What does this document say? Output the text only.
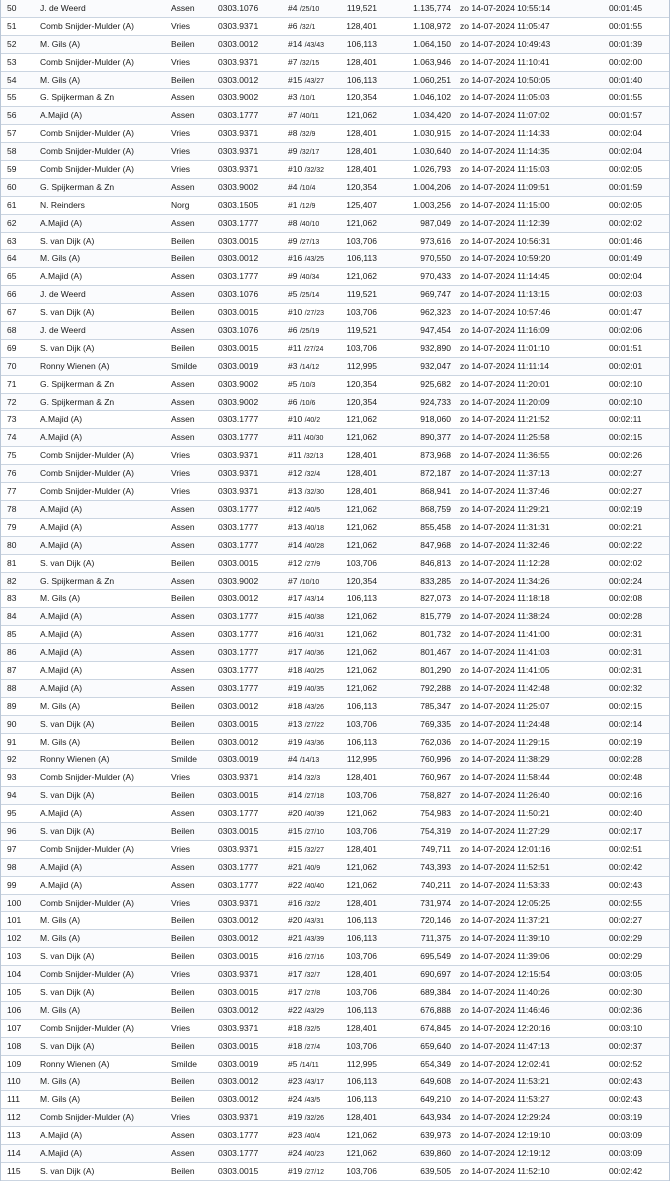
50	J. de Weerd	Assen	0303.1076	#4 /25/10	119,521	1.135,774 zo 14-07-2024 10:55:14	00:01:45
51	Comb Snijder-Mulder (A)	Vries	0303.9371	#6 /32/1	128,401	1.108,972 zo 14-07-2024 11:05:47	00:01:55
52	M. Gils (A)	Beilen	0303.0012	#14 /43/43	106,113	1.064,150 zo 14-07-2024 10:49:43	00:01:39
53	Comb Snijder-Mulder (A)	Vries	0303.9371	#7 /32/15	128,401	1.063,946 zo 14-07-2024 11:10:41	00:02:00
54	M. Gils (A)	Beilen	0303.0012	#15 /43/27	106,113	1.060,251 zo 14-07-2024 10:50:05	00:01:40
55	G. Spijkerman & Zn	Assen	0303.9002	#3 /10/1	120,354	1.046,102 zo 14-07-2024 11:05:03	00:01:55
56	A.Majid (A)	Assen	0303.1777	#7 /40/11	121,062	1.034,420 zo 14-07-2024 11:07:02	00:01:57
57	Comb Snijder-Mulder (A)	Vries	0303.9371	#8 /32/9	128,401	1.030,915 zo 14-07-2024 11:14:33	00:02:04
58	Comb Snijder-Mulder (A)	Vries	0303.9371	#9 /32/17	128,401	1.030,640 zo 14-07-2024 11:14:35	00:02:04
59	Comb Snijder-Mulder (A)	Vries	0303.9371	#10 /32/32	128,401	1.026,793 zo 14-07-2024 11:15:03	00:02:05
60	G. Spijkerman & Zn	Assen	0303.9002	#4 /10/4	120,354	1.004,206 zo 14-07-2024 11:09:51	00:01:59
61	N. Reinders	Norg	0303.1505	#1 /12/9	125,407	1.003,256 zo 14-07-2024 11:15:00	00:02:05
62	A.Majid (A)	Assen	0303.1777	#8 /40/10	121,062	987,049 zo 14-07-2024 11:12:39	00:02:02
63	S. van Dijk (A)	Beilen	0303.0015	#9 /27/13	103,706	973,616 zo 14-07-2024 10:56:31	00:01:46
64	M. Gils (A)	Beilen	0303.0012	#16 /43/25	106,113	970,550 zo 14-07-2024 10:59:20	00:01:49
65	A.Majid (A)	Assen	0303.1777	#9 /40/34	121,062	970,433 zo 14-07-2024 11:14:45	00:02:04
66	J. de Weerd	Assen	0303.1076	#5 /25/14	119,521	969,747 zo 14-07-2024 11:13:15	00:02:03
67	S. van Dijk (A)	Beilen	0303.0015	#10 /27/23	103,706	962,323 zo 14-07-2024 10:57:46	00:01:47
68	J. de Weerd	Assen	0303.1076	#6 /25/19	119,521	947,454 zo 14-07-2024 11:16:09	00:02:06
69	S. van Dijk (A)	Beilen	0303.0015	#11 /27/24	103,706	932,890 zo 14-07-2024 11:01:10	00:01:51
70	Ronny Wienen (A)	Smilde 0303.0019	#3 /14/12	112,995	932,047 zo 14-07-2024 11:11:14	00:02:01
71	G. Spijkerman & Zn	Assen	0303.9002	#5 /10/3	120,354	925,682 zo 14-07-2024 11:20:01	00:02:10
72	G. Spijkerman & Zn	Assen	0303.9002	#6 /10/6	120,354	924,733 zo 14-07-2024 11:20:09	00:02:10
73	A.Majid (A)	Assen	0303.1777	#10 /40/2	121,062	918,060 zo 14-07-2024 11:21:52	00:02:11
74	A.Majid (A)	Assen	0303.1777	#11 /40/30	121,062	890,377 zo 14-07-2024 11:25:58	00:02:15
75	Comb Snijder-Mulder (A)	Vries	0303.9371	#11 /32/13	128,401	873,968 zo 14-07-2024 11:36:55	00:02:26
76	Comb Snijder-Mulder (A)	Vries	0303.9371	#12 /32/4	128,401	872,187 zo 14-07-2024 11:37:13	00:02:27
77	Comb Snijder-Mulder (A)	Vries	0303.9371	#13 /32/30	128,401	868,941 zo 14-07-2024 11:37:46	00:02:27
78	A.Majid (A)	Assen	0303.1777	#12 /40/5	121,062	868,759 zo 14-07-2024 11:29:21	00:02:19
79	A.Majid (A)	Assen	0303.1777	#13 /40/18	121,062	855,458 zo 14-07-2024 11:31:31	00:02:21
80	A.Majid (A)	Assen	0303.1777	#14 /40/28	121,062	847,968 zo 14-07-2024 11:32:46	00:02:22
81	S. van Dijk (A)	Beilen	0303.0015	#12 /27/9	103,706	846,813 zo 14-07-2024 11:12:28	00:02:02
82	G. Spijkerman & Zn	Assen	0303.9002	#7 /10/10	120,354	833,285 zo 14-07-2024 11:34:26	00:02:24
83	M. Gils (A)	Beilen	0303.0012	#17 /43/14	106,113	827,073 zo 14-07-2024 11:18:18	00:02:08
84	A.Majid (A)	Assen	0303.1777	#15 /40/38	121,062	815,779 zo 14-07-2024 11:38:24	00:02:28
85	A.Majid (A)	Assen	0303.1777	#16 /40/31	121,062	801,732 zo 14-07-2024 11:41:00	00:02:31
86	A.Majid (A)	Assen	0303.1777	#17 /40/36	121,062	801,467 zo 14-07-2024 11:41:03	00:02:31
87	A.Majid (A)	Assen	0303.1777	#18 /40/25	121,062	801,290 zo 14-07-2024 11:41:05	00:02:31
88	A.Majid (A)	Assen	0303.1777	#19 /40/35	121,062	792,288 zo 14-07-2024 11:42:48	00:02:32
89	M. Gils (A)	Beilen	0303.0012	#18 /43/26	106,113	785,347 zo 14-07-2024 11:25:07	00:02:15
90	S. van Dijk (A)	Beilen	0303.0015	#13 /27/22	103,706	769,335 zo 14-07-2024 11:24:48	00:02:14
91	M. Gils (A)	Beilen	0303.0012	#19 /43/36	106,113	762,036 zo 14-07-2024 11:29:15	00:02:19
92	Ronny Wienen (A)	Smilde 0303.0019	#4 /14/13	112,995	760,996 zo 14-07-2024 11:38:29	00:02:28
93	Comb Snijder-Mulder (A)	Vries	0303.9371	#14 /32/3	128,401	760,967 zo 14-07-2024 11:58:44	00:02:48
94	S. van Dijk (A)	Beilen	0303.0015	#14 /27/18	103,706	758,827 zo 14-07-2024 11:26:40	00:02:16
95	A.Majid (A)	Assen	0303.1777	#20 /40/39	121,062	754,983 zo 14-07-2024 11:50:21	00:02:40
96	S. van Dijk (A)	Beilen	0303.0015	#15 /27/10	103,706	754,319 zo 14-07-2024 11:27:29	00:02:17
97	Comb Snijder-Mulder (A)	Vries	0303.9371	#15 /32/27	128,401	749,711 zo 14-07-2024 12:01:16	00:02:51
98	A.Majid (A)	Assen	0303.1777	#21 /40/9	121,062	743,393 zo 14-07-2024 11:52:51	00:02:42
99	A.Majid (A)	Assen	0303.1777	#22 /40/40	121,062	740,211 zo 14-07-2024 11:53:33	00:02:43
100 Comb Snijder-Mulder (A)	Vries	0303.9371	#16 /32/2	128,401	731,974 zo 14-07-2024 12:05:25	00:02:55
101 M. Gils (A)	Beilen	0303.0012	#20 /43/31	106,113	720,146 zo 14-07-2024 11:37:21	00:02:27
102 M. Gils (A)	Beilen	0303.0012	#21 /43/39	106,113	711,375 zo 14-07-2024 11:39:10	00:02:29
103 S. van Dijk (A)	Beilen	0303.0015	#16 /27/16	103,706	695,549 zo 14-07-2024 11:39:06	00:02:29
104 Comb Snijder-Mulder (A)	Vries	0303.9371	#17 /32/7	128,401	690,697 zo 14-07-2024 12:15:54	00:03:05
105 S. van Dijk (A)	Beilen	0303.0015	#17 /27/8	103,706	689,384 zo 14-07-2024 11:40:26	00:02:30
106 M. Gils (A)	Beilen	0303.0012	#22 /43/29	106,113	676,888 zo 14-07-2024 11:46:46	00:02:36
107 Comb Snijder-Mulder (A)	Vries	0303.9371	#18 /32/5	128,401	674,845 zo 14-07-2024 12:20:16	00:03:10
108 S. van Dijk (A)	Beilen	0303.0015	#18 /27/4	103,706	659,640 zo 14-07-2024 11:47:13	00:02:37
109 Ronny Wienen (A)	Smilde 0303.0019	#5 /14/11	112,995	654,349 zo 14-07-2024 12:02:41	00:02:52
110 M. Gils (A)	Beilen	0303.0012	#23 /43/17	106,113	649,608 zo 14-07-2024 11:53:21	00:02:43
111 M. Gils (A)	Beilen	0303.0012	#24 /43/5	106,113	649,210 zo 14-07-2024 11:53:27	00:02:43
112 Comb Snijder-Mulder (A)	Vries	0303.9371	#19 /32/26	128,401	643,934 zo 14-07-2024 12:29:24	00:03:19
113 A.Majid (A)	Assen	0303.1777	#23 /40/4	121,062	639,973 zo 14-07-2024 12:19:10	00:03:09
114 A.Majid (A)	Assen	0303.1777	#24 /40/23	121,062	639,860 zo 14-07-2024 12:19:12	00:03:09
115 S. van Dijk (A)	Beilen	0303.0015	#19 /27/12	103,706	639,505 zo 14-07-2024 11:52:10	00:02:42
